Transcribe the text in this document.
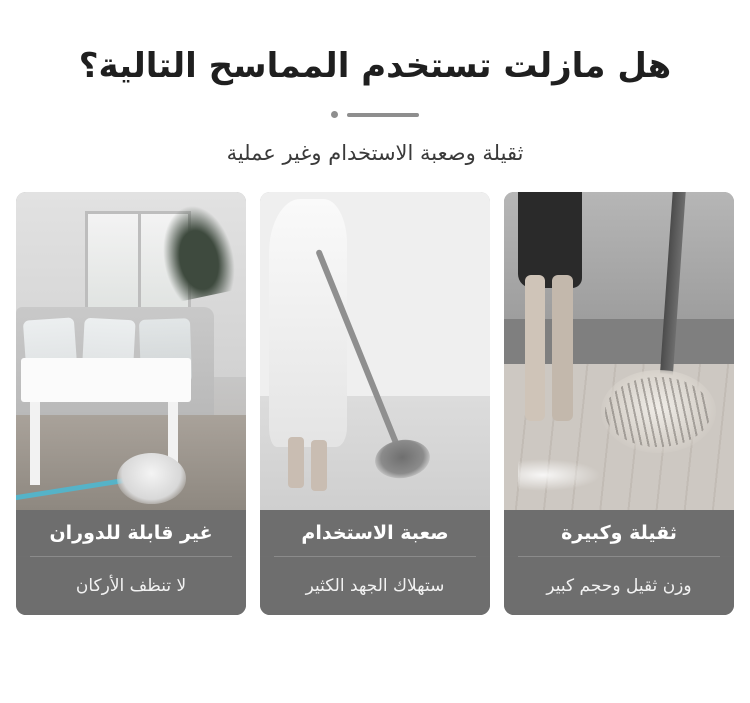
هل مازلت تستخدم المماسح التالية؟

ثقيلة وصعبة الاستخدام وغير عملية

ثقيلة وكبيرة
وزن ثقيل وحجم كبير
صعبة الاستخدام
ستهلاك الجهد الكثير
غير قابلة للدوران
لا تنظف الأركان
